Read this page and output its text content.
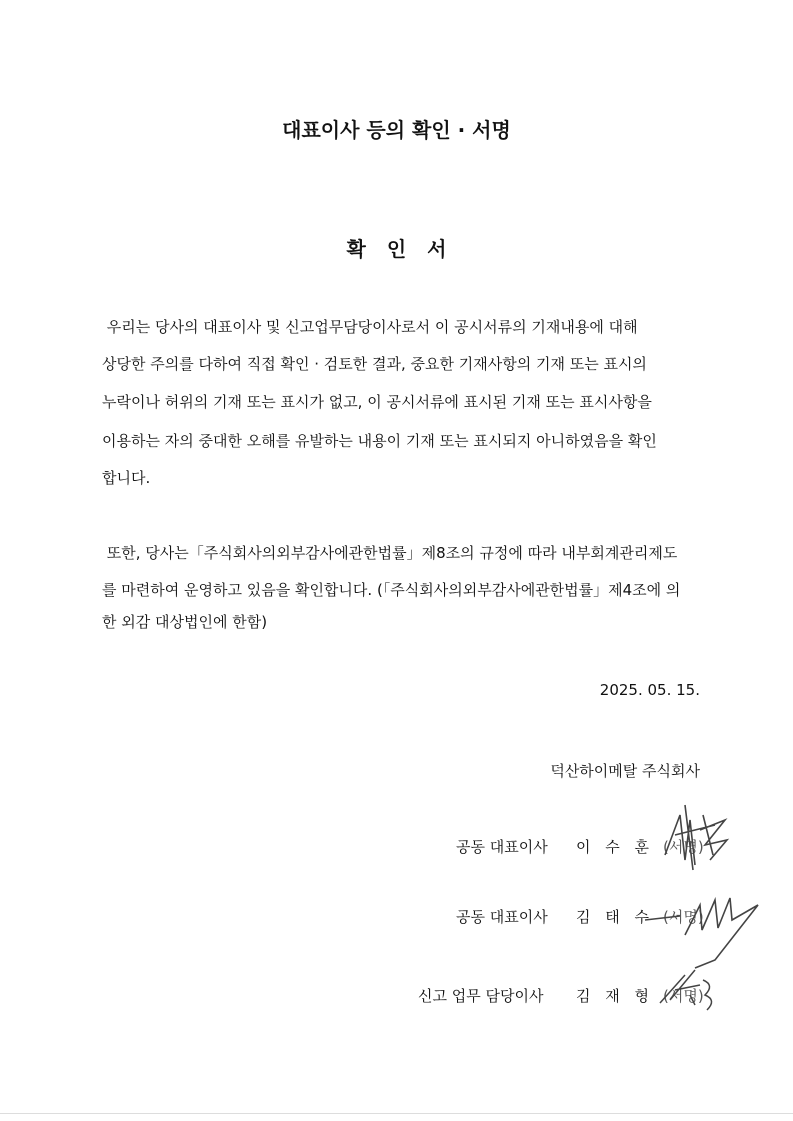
대표이사 등의 확인 · 서명
확 인 서
우리는 당사의 대표이사 및 신고업무담당이사로서 이 공시서류의 기재내용에 대해
상당한 주의를 다하여 직접 확인 · 검토한 결과, 중요한 기재사항의 기재 또는 표시의
누락이나 허위의 기재 또는 표시가 없고, 이 공시서류에 표시된 기재 또는 표시사항을
이용하는 자의 중대한 오해를 유발하는 내용이 기재 또는 표시되지 아니하였음을 확인
합니다.
또한, 당사는「주식회사의외부감사에관한법률」제8조의 규정에 따라 내부회계관리제도
를 마련하여 운영하고 있음을 확인합니다. (「주식회사의외부감사에관한법률」제4조에 의
한 외감 대상법인에 한함)
2025. 05. 15.
덕산하이메탈 주식회사
공동 대표이사 이 수 훈 (서명)
공동 대표이사 김 태 수 (서명)
신고 업무 담당이사 김 재 형 (서명)
